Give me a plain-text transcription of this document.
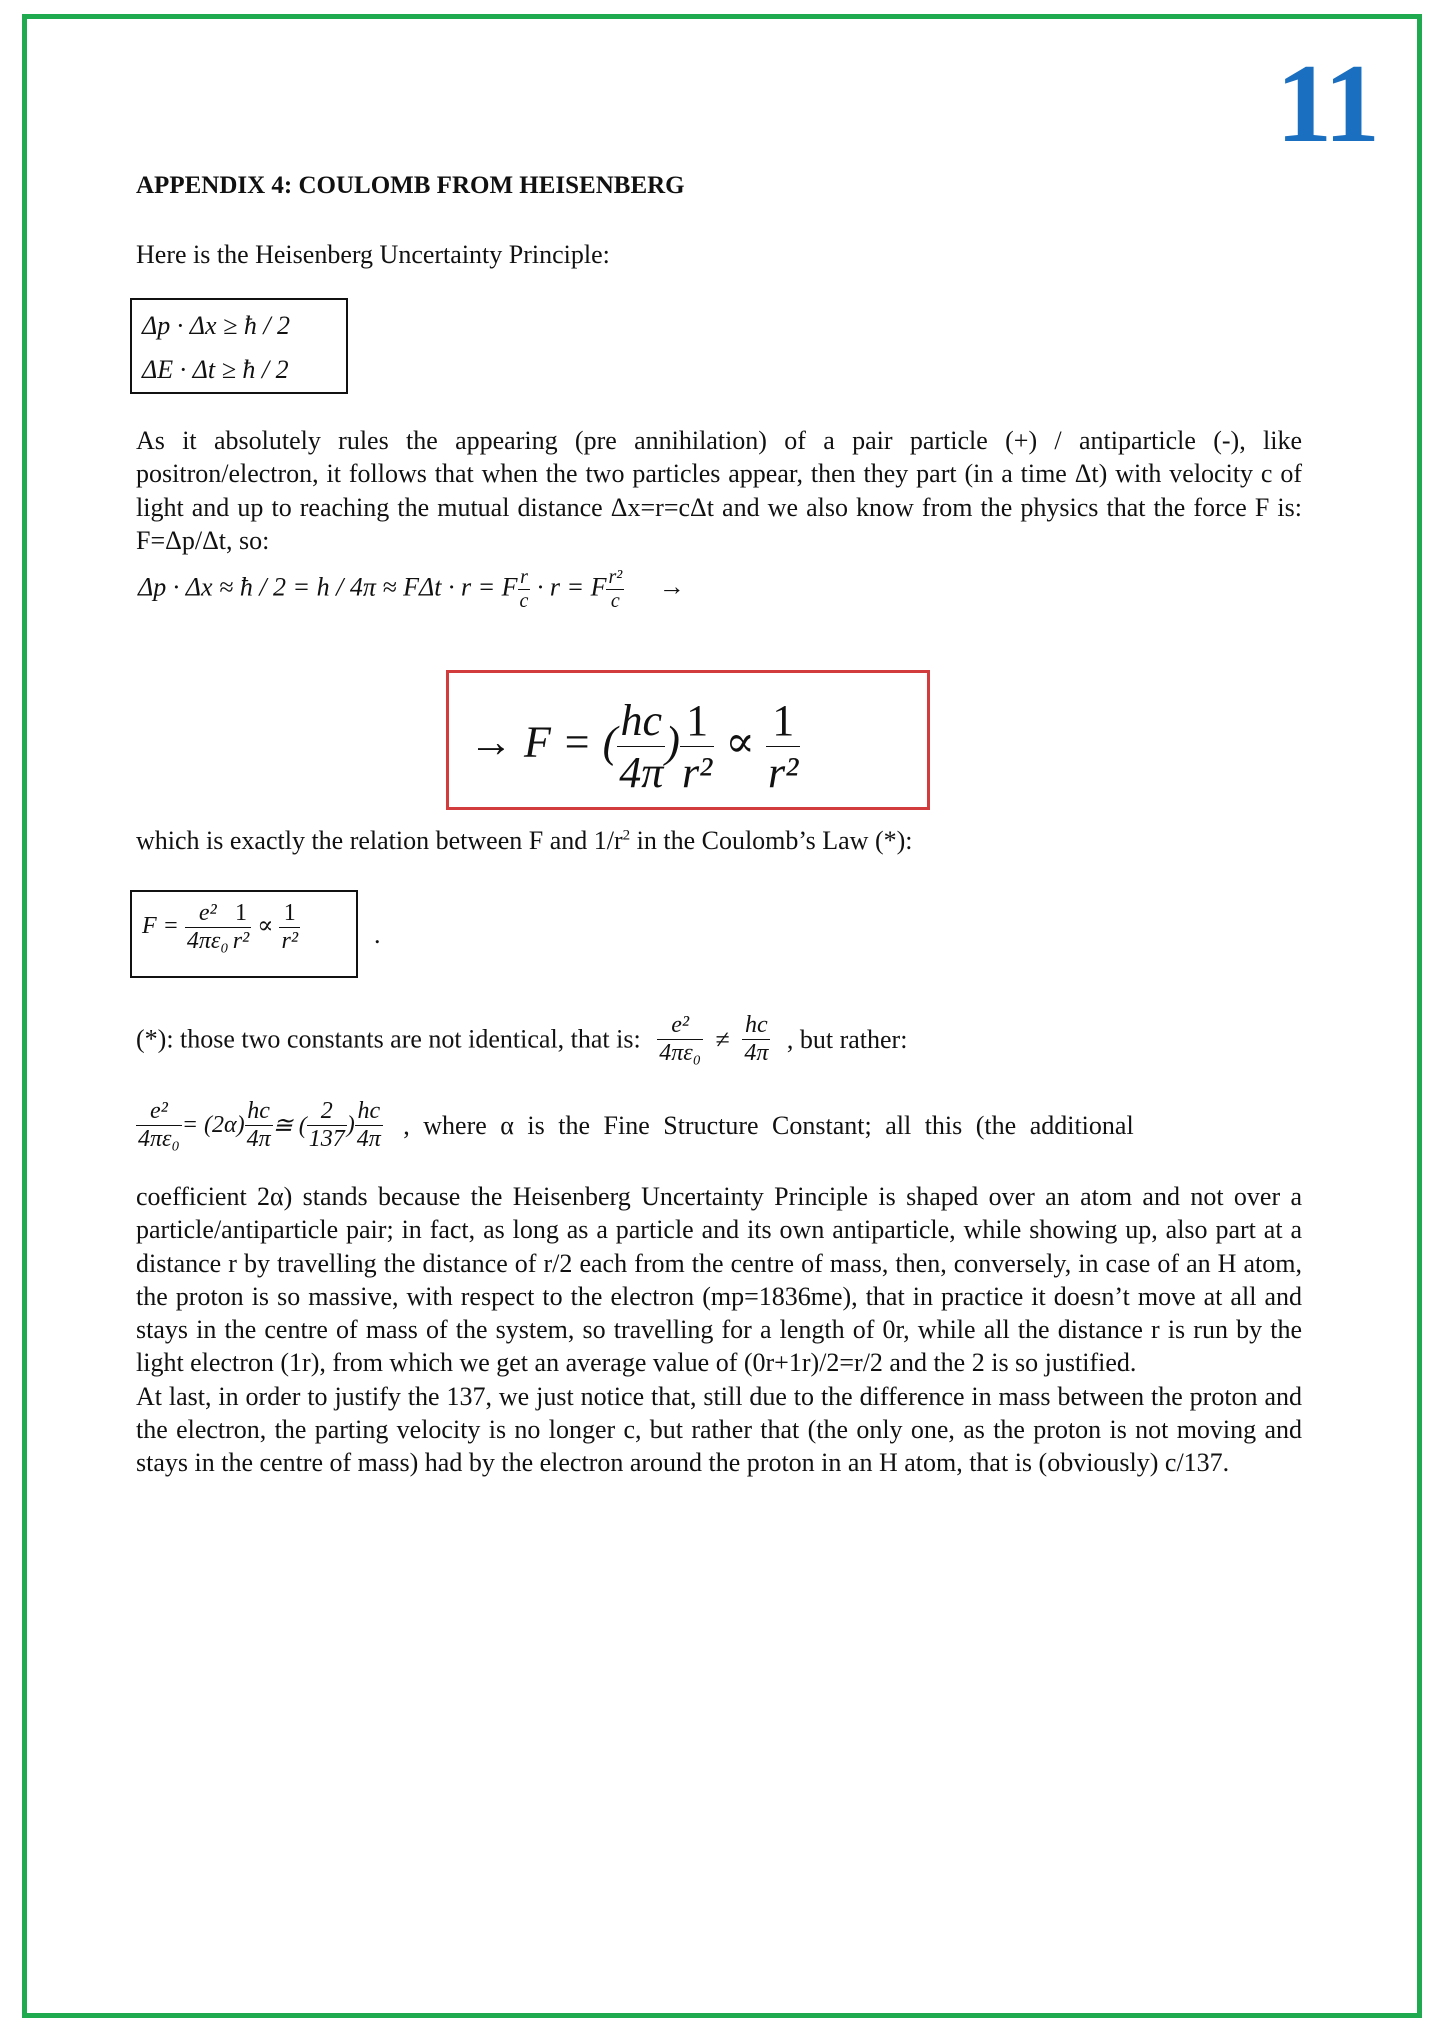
11
APPENDIX 4: COULOMB FROM HEISENBERG
Here is the Heisenberg Uncertainty Principle:
Δp · Δx ≥ ħ / 2
ΔE · Δt ≥ ħ / 2

As it absolutely rules the appearing (pre annihilation) of a pair particle (+) / antiparticle (-), like positron/electron, it follows that when the two particles appear, then they part (in a time Δt) with velocity c of light and up to reaching the mutual distance Δx=r=cΔt and we also know from the physics that the force F is: F=Δp/Δt, so:

Δp · Δx ≈ ħ / 2 = h / 4π ≈ FΔt · r = F $\frac{r}{c} \cdot r = F \frac{\text{r²}}{c}$ →
→ F = ( $\frac{hc}{4\pi}$ ) $\frac{1}{\text{r²}} \propto \frac{1}{\text{r²}}$
which is exactly the relation between F and $1/r^2$ in the Coulomb’s Law (*):
$F = \frac{\text{e²}}{\text{4πε₀}} \frac{1}{\text{r²}} \propto \frac{1}{\text{r²}}$	.
(*): those two constants are not identical, that is: $\frac{\text{e²}}{\text{4πε₀}} \ne \frac{hc}{4\pi}$ , but rather:
$\frac{\text{e²}}{\text{4πε₀}} = (2\alpha) \frac{hc}{4\pi}$ ≅ ( $\frac{2}{137}$ ) $\frac{hc}{4\pi}$ , where α is the Fine Structure Constant; all this (the additional

coefficient 2α) stands because the Heisenberg Uncertainty Principle is shaped over an atom and not over a particle/antiparticle pair; in fact, as long as a particle and its own antiparticle, while showing up, also part at a distance r by travelling the distance of r/2 each from the centre of mass, then, conversely, in case of an H atom, the proton is so massive, with respect to the electron (mp=1836me), that in practice it doesn’t move at all and stays in the centre of mass of the system, so travelling for a length of 0r, while all the distance r is run by the light electron (1r), from which we get an average value of (0r+1r)/2=r/2 and the 2 is so justified.

At last, in order to justify the 137, we just notice that, still due to the difference in mass between the proton and the electron, the parting velocity is no longer c, but rather that (the only one, as the proton is not moving and stays in the centre of mass) had by the electron around the proton in an H atom, that is (obviously) c/137.
